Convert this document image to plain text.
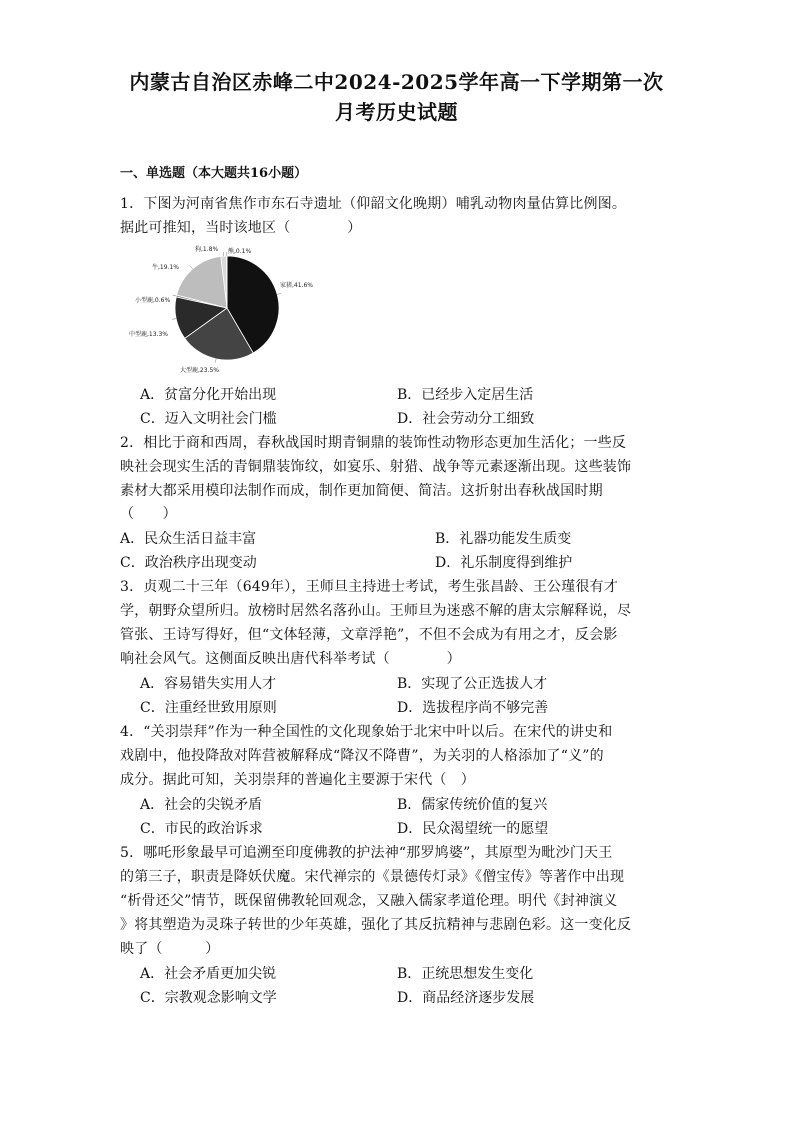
内蒙古自治区赤峰二中2024-2025学年高一下学期第一次
月考历史试题
一、单选题（本大题共16小题）
1．下图为河南省焦作市东石寺遗址（仰韶文化晚期）哺乳动物肉量估算比例图。
据此可推知，当时该地区（　　　　）
家猪,41.6%
大型鹿,23.5%
中型鹿,13.3%
小型鹿,0.6%
牛,19.1%
狗,1.8% 熊,0.1%
A．贫富分化开始出现	B．已经步入定居生活
C．迈入文明社会门槛	D．社会劳动分工细致
2．相比于商和西周，春秋战国时期青铜鼎的装饰性动物形态更加生活化；一些反
映社会现实生活的青铜鼎装饰纹，如宴乐、射猎、战争等元素逐渐出现。这些装饰
素材大都采用模印法制作而成，制作更加简便、简洁。这折射出春秋战国时期
（　　）
A．民众生活日益丰富	B．礼器功能发生质变
C．政治秩序出现变动	D．礼乐制度得到维护
3．贞观二十三年（649年），王师旦主持进士考试，考生张昌龄、王公瑾很有才
学，朝野众望所归。放榜时居然名落孙山。王师旦为迷惑不解的唐太宗解释说，尽
管张、王诗写得好，但“文体轻薄，文章浮艳”，不但不会成为有用之才，反会影
响社会风气。这侧面反映出唐代科举考试（　　　　）
A．容易错失实用人才	B．实现了公正选拔人才
C．注重经世致用原则	D．选拔程序尚不够完善
4．“关羽崇拜”作为一种全国性的文化现象始于北宋中叶以后。在宋代的讲史和
戏剧中，他投降敌对阵营被解释成“降汉不降曹”，为关羽的人格添加了“义”的
成分。据此可知，关羽崇拜的普遍化主要源于宋代（　）
A．社会的尖锐矛盾	B．儒家传统价值的复兴
C．市民的政治诉求	D．民众渴望统一的愿望
5．哪吒形象最早可追溯至印度佛教的护法神“那罗鸠婆”，其原型为毗沙门天王
的第三子，职责是降妖伏魔。宋代禅宗的《景德传灯录》《僧宝传》等著作中出现
“析骨还父”情节，既保留佛教轮回观念，又融入儒家孝道伦理。明代《封神演义
》将其塑造为灵珠子转世的少年英雄，强化了其反抗精神与悲剧色彩。这一变化反
映了（　　　）
A．社会矛盾更加尖锐	B．正统思想发生变化
C．宗教观念影响文学	D．商品经济逐步发展
